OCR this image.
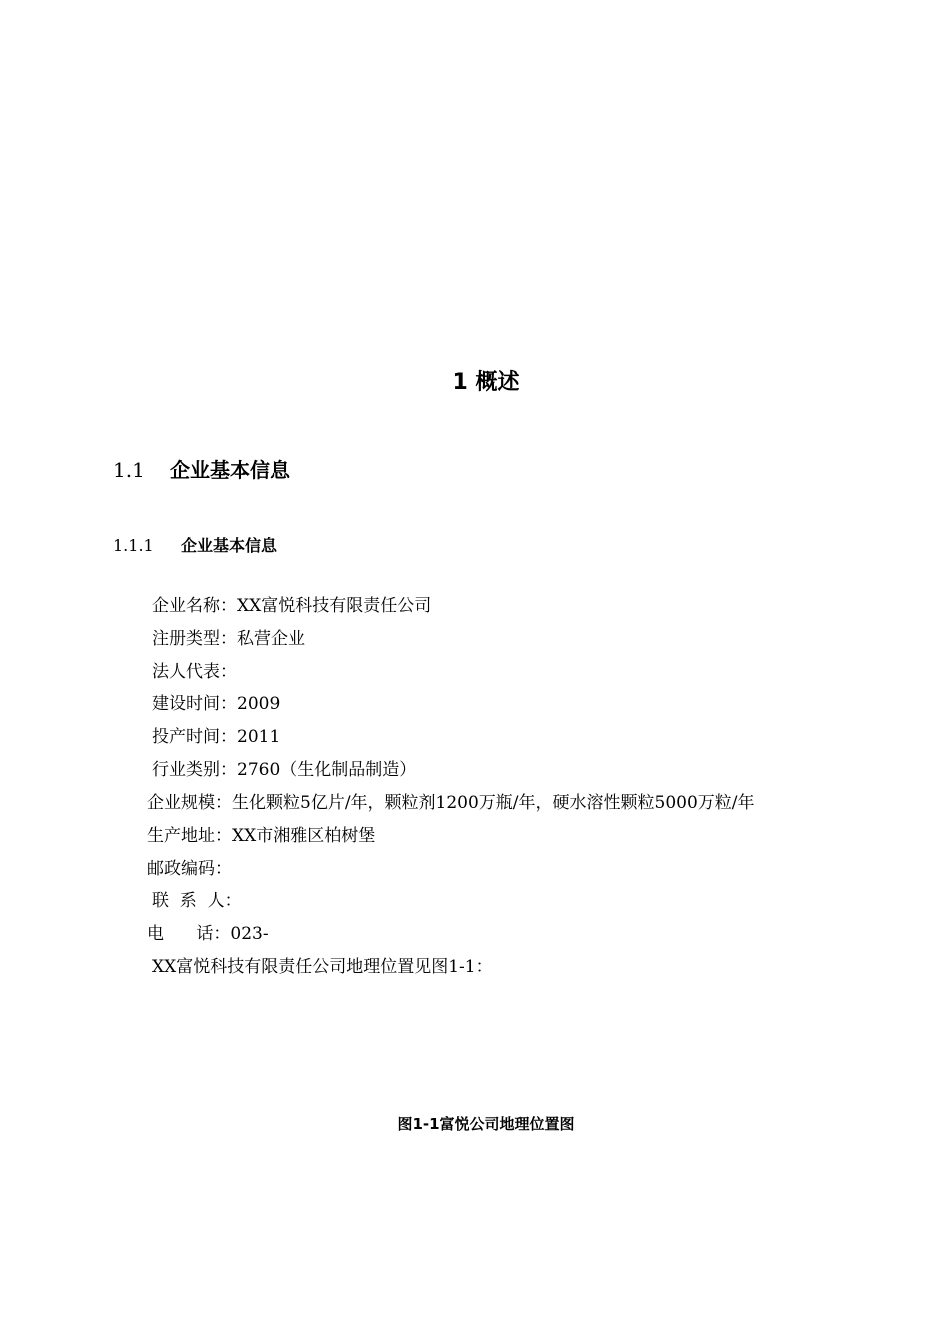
1 概述
1.1 企业基本信息
1.1.1 企业基本信息
企业名称：XX富悦科技有限责任公司
注册类型：私营企业
法人代表：
建设时间：2009
投产时间：2011
行业类别：2760（生化制品制造）
企业规模：生化颗粒5亿片/年，颗粒剂1200万瓶/年，硬水溶性颗粒5000万粒/年
生产地址：XX市湘雅区柏树堡
邮政编码：
联  系  人：
电      话：023-
XX富悦科技有限责任公司地理位置见图1-1：
图1-1富悦公司地理位置图
